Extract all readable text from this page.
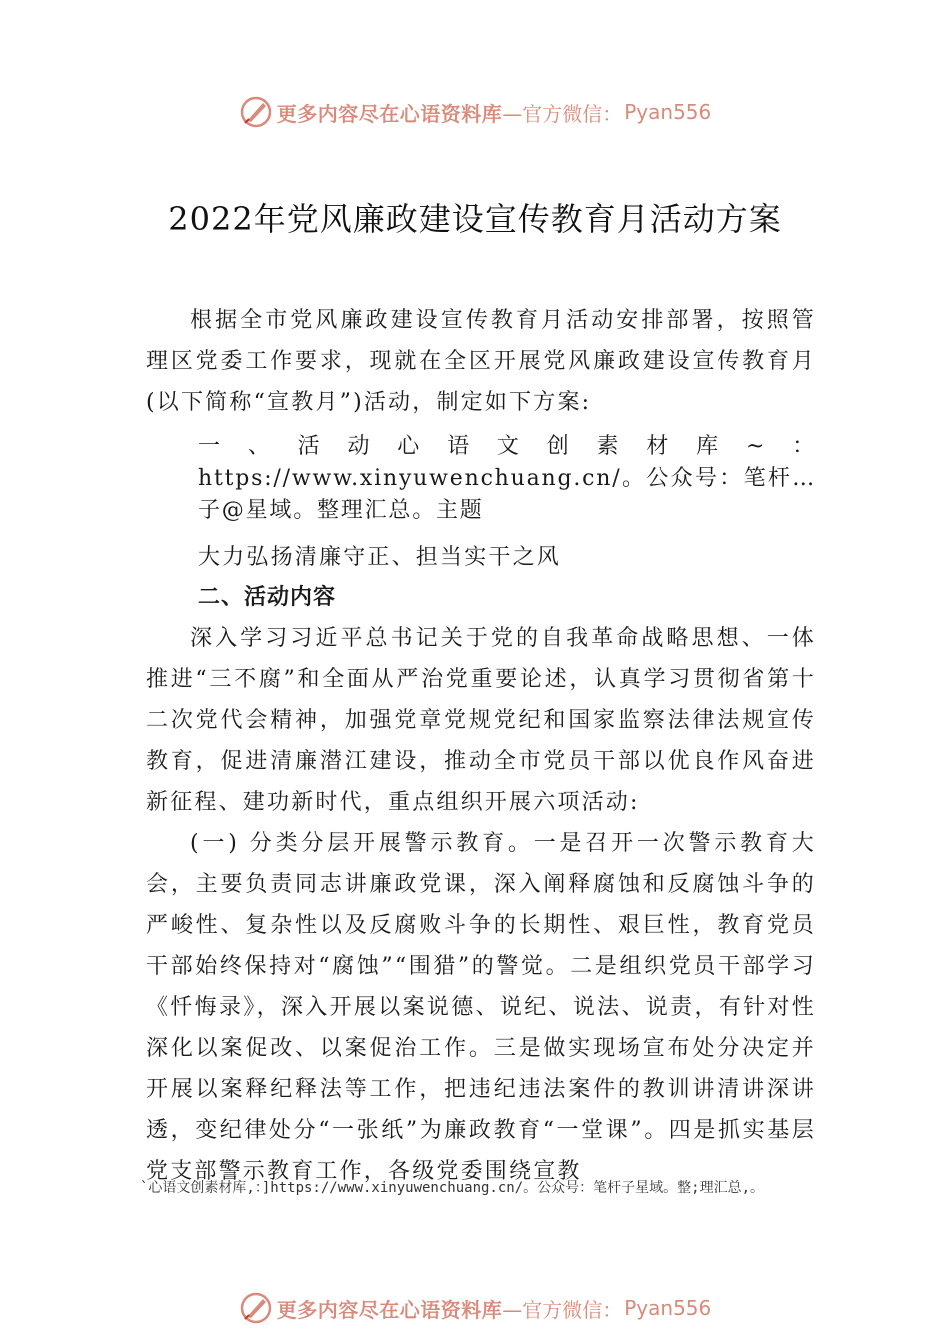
更多内容尽在心语资料库 —官方微信： Pyan556
2022年党风廉政建设宣传教育月活动方案

根据全市党风廉政建设宣传教育月活动安排部署，按照管理区党委工作要求，现就在全区开展党风廉政建设宣传教育月(以下简称“宣教月”)活动，制定如下方案:

一、活动心语文创素材库~：https://www.xinyuwenchuang.cn/。公众号：笔杆…子@星域。整理汇总。主题

大力弘扬清廉守正、担当实干之风

二、活动内容

深入学习习近平总书记关于党的自我革命战略思想、一体推进“三不腐”和全面从严治党重要论述，认真学习贯彻省第十二次党代会精神，加强党章党规党纪和国家监察法律法规宣传教育，促进清廉潜江建设，推动全市党员干部以优良作风奋进新征程、建功新时代，重点组织开展六项活动:

(一) 分类分层开展警示教育。一是召开一次警示教育大会，主要负责同志讲廉政党课，深入阐释腐蚀和反腐蚀斗争的严峻性、复杂性以及反腐败斗争的长期性、艰巨性，教育党员干部始终保持对“腐蚀”“围猎”的警觉。二是组织党员干部学习《忏悔录》，深入开展以案说德、说纪、说法、说责，有针对性深化以案促改、以案促治工作。三是做实现场宣布处分决定并开展以案释纪释法等工作，把违纪违法案件的教训讲清讲深讲透，变纪律处分“一张纸”为廉政教育“一堂课”。四是抓实基层党支部警示教育工作，各级党委围绕宣教

`心语文创素材库,：]https://www.xinyuwenchuang.cn/。公众号：笔杆子星域。整;理汇总,。
更多内容尽在心语资料库 —官方微信： Pyan556
